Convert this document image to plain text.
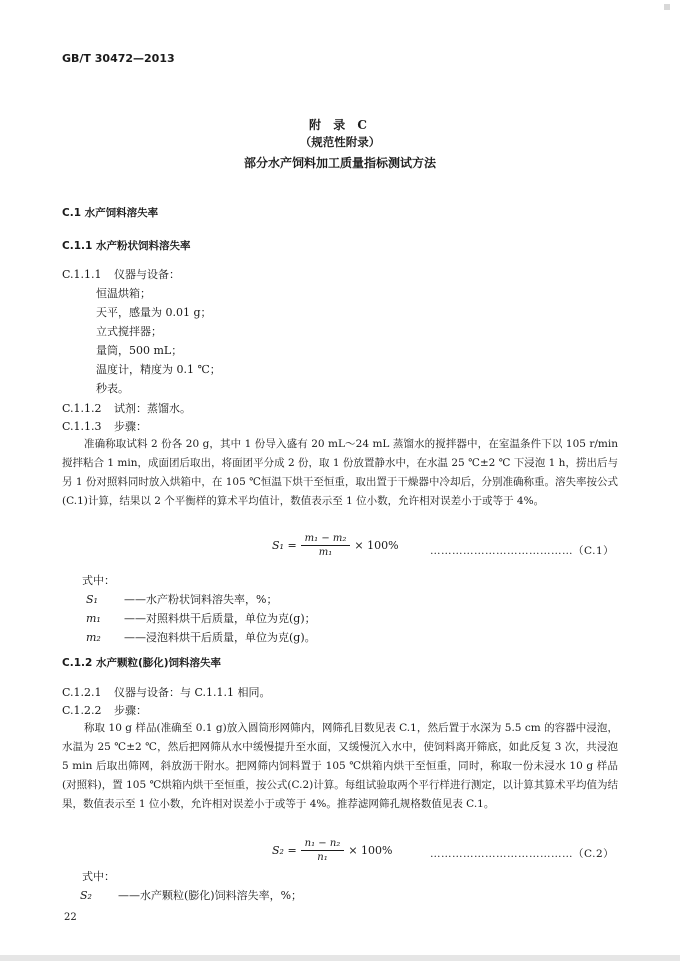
GB/T 30472—2013
附 录 C
（规范性附录）
部分水产饲料加工质量指标测试方法
C.1 水产饲料溶失率
C.1.1 水产粉状饲料溶失率
C.1.1.1 仪器与设备：
恒温烘箱；
天平，感量为 0.01 g；
立式搅拌器；
量筒，500 mL；
温度计，精度为 0.1 ℃；
秒表。
C.1.1.2 试剂：蒸馏水。
C.1.1.3 步骤：
准确称取试料 2 份各 20 g，其中 1 份导入盛有 20 mL～24 mL 蒸馏水的搅拌器中，在室温条件下以 105 r/min 搅拌粘合 1 min，成面团后取出，将面团平分成 2 份，取 1 份放置静水中，在水温 25 ℃±2 ℃ 下浸泡 1 h，捞出后与另 1 份对照料同时放入烘箱中，在 105 ℃恒温下烘干至恒重，取出置于干燥器中冷却后，分别准确称重。溶失率按公式(C.1)计算，结果以 2 个平衡样的算术平均值计，数值表示至 1 位小数，允许相对误差小于或等于 4%。
$S_1 = \frac{\text{m₁ − m₂}}{\text{m₁}} \times 100\%$	…………………………………（C.1）
式中：
S₁ ——水产粉状饲料溶失率，%；
m₁ ——对照料烘干后质量，单位为克(g)；
m₂ ——浸泡料烘干后质量，单位为克(g)。
C.1.2 水产颗粒(膨化)饲料溶失率
C.1.2.1 仪器与设备：与 C.1.1.1 相同。
C.1.2.2 步骤：
称取 10 g 样品(准确至 0.1 g)放入圆筒形网筛内，网筛孔目数见表 C.1，然后置于水深为 5.5 cm 的容器中浸泡，水温为 25 ℃±2 ℃，然后把网筛从水中缓慢提升至水面，又缓慢沉入水中，使饲料离开筛底，如此反复 3 次，共浸泡 5 min 后取出筛网，斜放沥干附水。把网筛内饲料置于 105 ℃烘箱内烘干至恒重，同时，称取一份未浸水 10 g 样品(对照料)，置 105 ℃烘箱内烘干至恒重，按公式(C.2)计算。每组试验取两个平行样进行测定，以计算其算术平均值为结果，数值表示至 1 位小数，允许相对误差小于或等于 4%。推荐滤网筛孔规格数值见表 C.1。
$S_2 = \frac{\text{n₁ − n₂}}{\text{n₁}} \times 100\%$	…………………………………（C.2）
式中：
S₂ ——水产颗粒(膨化)饲料溶失率，%；
22
